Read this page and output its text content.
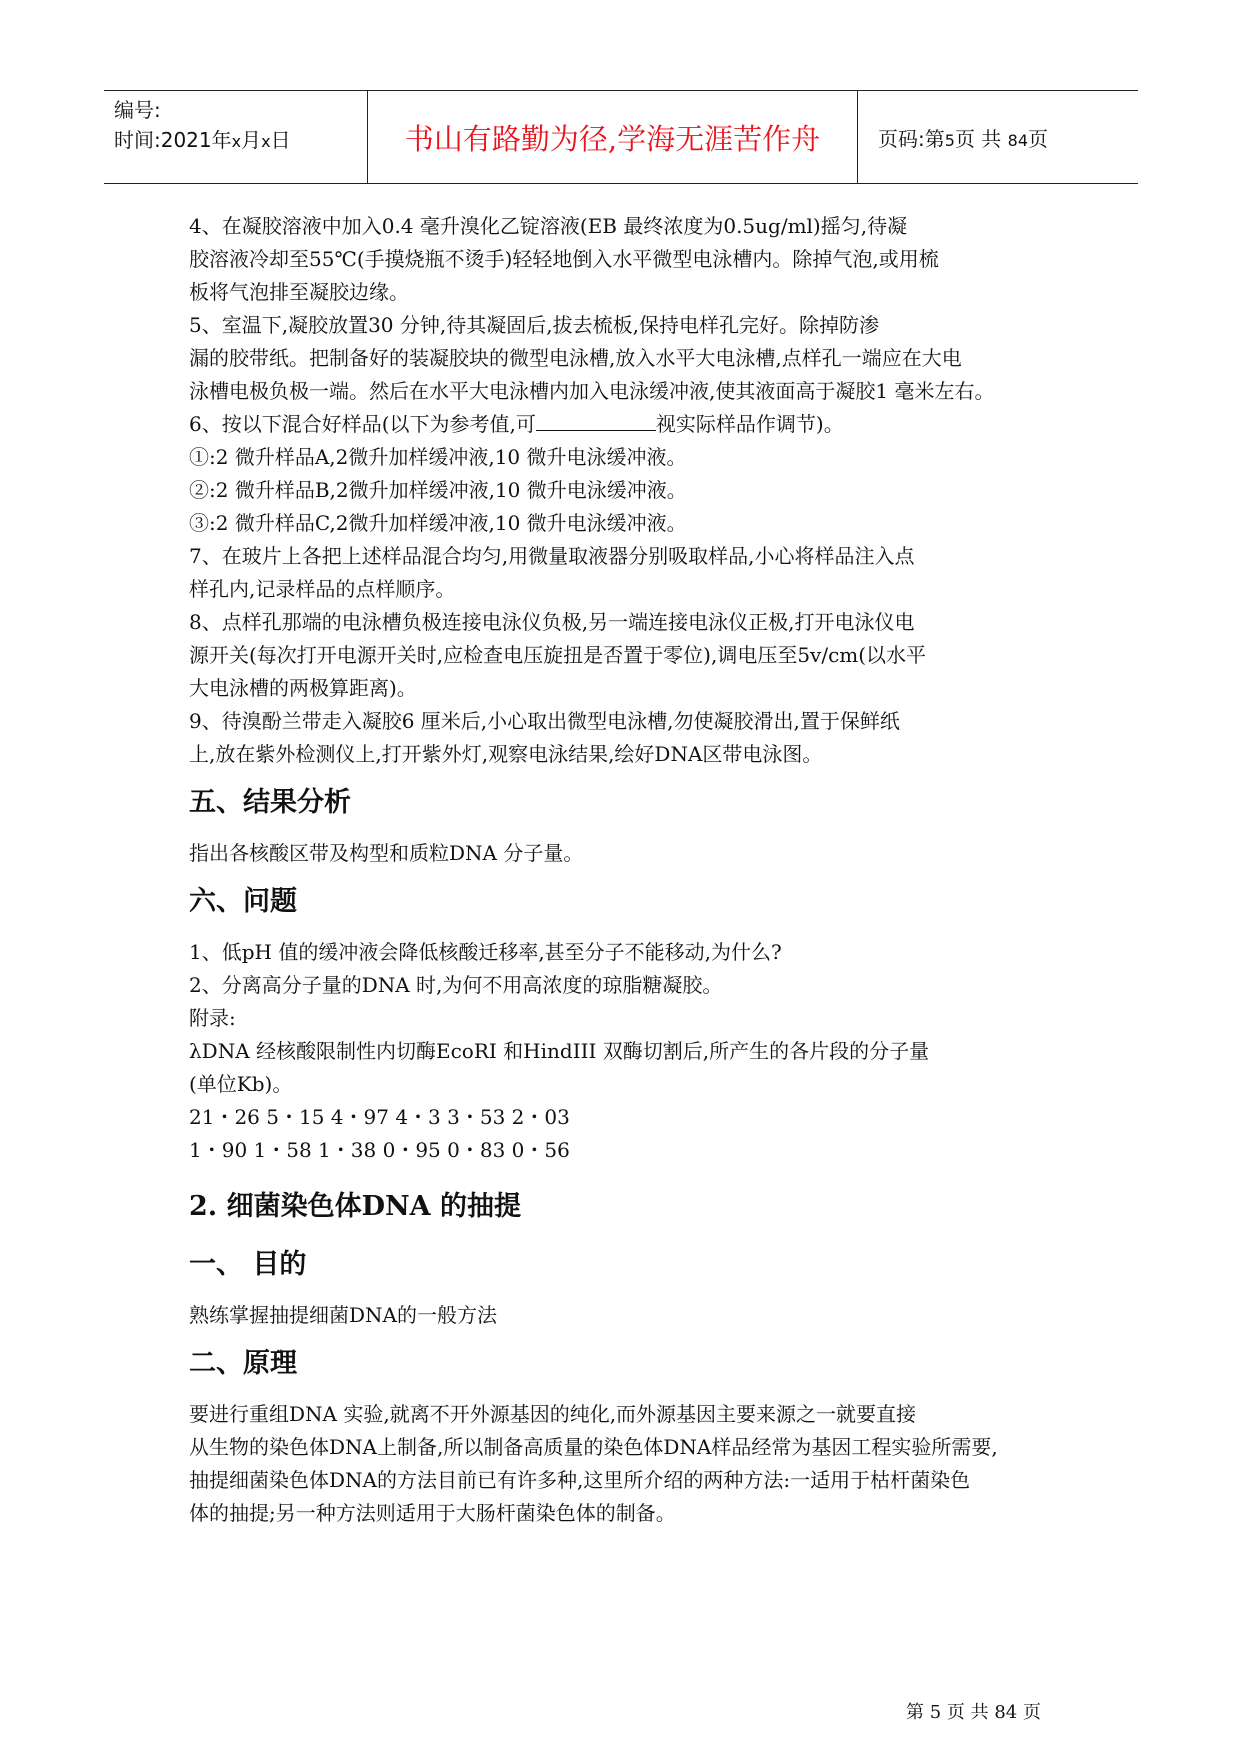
编号:
时间:2021年x月x日	书山有路勤为径,学海无涯苦作舟	页码:第5页 共 84页

4、在凝胶溶液中加入0.4 毫升溴化乙锭溶液(EB 最终浓度为0.5ug/ml)摇匀,待凝

胶溶液冷却至55℃(手摸烧瓶不烫手)轻轻地倒入水平微型电泳槽内。除掉气泡,或用梳

板将气泡排至凝胶边缘。

5、室温下,凝胶放置30 分钟,待其凝固后,拔去梳板,保持电样孔完好。除掉防渗

漏的胶带纸。把制备好的装凝胶块的微型电泳槽,放入水平大电泳槽,点样孔一端应在大电

泳槽电极负极一端。然后在水平大电泳槽内加入电泳缓冲液,使其液面高于凝胶1 毫米左右。

6、按以下混合好样品(以下为参考值,可	视实际样品作调节)。

①:2 微升样品A,2微升加样缓冲液,10 微升电泳缓冲液。

②:2 微升样品B,2微升加样缓冲液,10 微升电泳缓冲液。

③:2 微升样品C,2微升加样缓冲液,10 微升电泳缓冲液。

7、在玻片上各把上述样品混合均匀,用微量取液器分别吸取样品,小心将样品注入点

样孔内,记录样品的点样顺序。

8、点样孔那端的电泳槽负极连接电泳仪负极,另一端连接电泳仪正极,打开电泳仪电

源开关(每次打开电源开关时,应检查电压旋扭是否置于零位),调电压至5v/cm(以水平

大电泳槽的两极算距离)。

9、待溴酚兰带走入凝胶6 厘米后,小心取出微型电泳槽,勿使凝胶滑出,置于保鲜纸

上,放在紫外检测仪上,打开紫外灯,观察电泳结果,绘好DNA区带电泳图。

五、结果分析

指出各核酸区带及构型和质粒DNA 分子量。

六、问题

1、低pH 值的缓冲液会降低核酸迁移率,甚至分子不能移动,为什么?

2、分离高分子量的DNA 时,为何不用高浓度的琼脂糖凝胶。

附录:

λDNA 经核酸限制性内切酶EcoRI 和HindIII 双酶切割后,所产生的各片段的分子量

(单位Kb)。

21・26 5・15 4・97 4・3 3・53 2・03

1・90 1・58 1・38 0・95 0・83 0・56

2. 细菌染色体DNA 的抽提
一、 目的

熟练掌握抽提细菌DNA的一般方法

二、原理

要进行重组DNA 实验,就离不开外源基因的纯化,而外源基因主要来源之一就要直接

从生物的染色体DNA上制备,所以制备高质量的染色体DNA样品经常为基因工程实验所需要,

抽提细菌染色体DNA的方法目前已有许多种,这里所介绍的两种方法:一适用于枯杆菌染色

体的抽提;另一种方法则适用于大肠杆菌染色体的制备。

第 5 页 共 84 页
